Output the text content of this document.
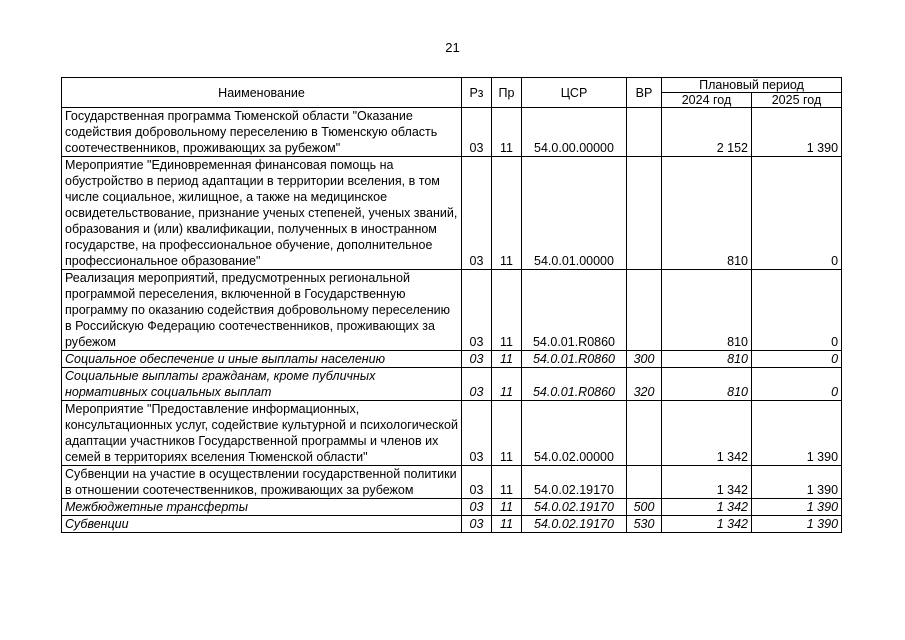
21
Наименование	Рз	Пр	ЦСР	ВР	Плановый период	
					2024 год	2025 год
Государственная программа Тюменской области "Оказание содействия добровольному переселению в Тюменскую область соотечественников, проживающих за рубежом"	03	11	54.0.00.00000		2 152	1 390
Мероприятие "Единовременная финансовая помощь на обустройство в период адаптации в территории вселения, в том числе социальное, жилищное, а также на медицинское освидетельствование, признание ученых степеней, ученых званий, образования и (или) квалификации, полученных в иностранном государстве, на профессиональное обучение, дополнительное профессиональное образование"	03	11	54.0.01.00000		810	0
Реализация мероприятий, предусмотренных региональной программой переселения, включенной в Государственную программу по оказанию содействия добровольному переселению в Российскую Федерацию соотечественников, проживающих за рубежом	03	11	54.0.01.R0860		810	0
Социальное обеспечение и иные выплаты населению	03	11	54.0.01.R0860	300	810	0
Социальные выплаты гражданам, кроме публичных нормативных социальных выплат	03	11	54.0.01.R0860	320	810	0
Мероприятие "Предоставление информационных, консультационных услуг, содействие культурной и психологической адаптации участников Государственной программы и членов их семей в территориях вселения Тюменской области"	03	11	54.0.02.00000		1 342	1 390
Субвенции на участие в осуществлении государственной политики в отношении соотечественников, проживающих за рубежом	03	11	54.0.02.19170		1 342	1 390
Межбюджетные трансферты	03	11	54.0.02.19170	500	1 342	1 390
Субвенции	03	11	54.0.02.19170	530	1 342	1 390
